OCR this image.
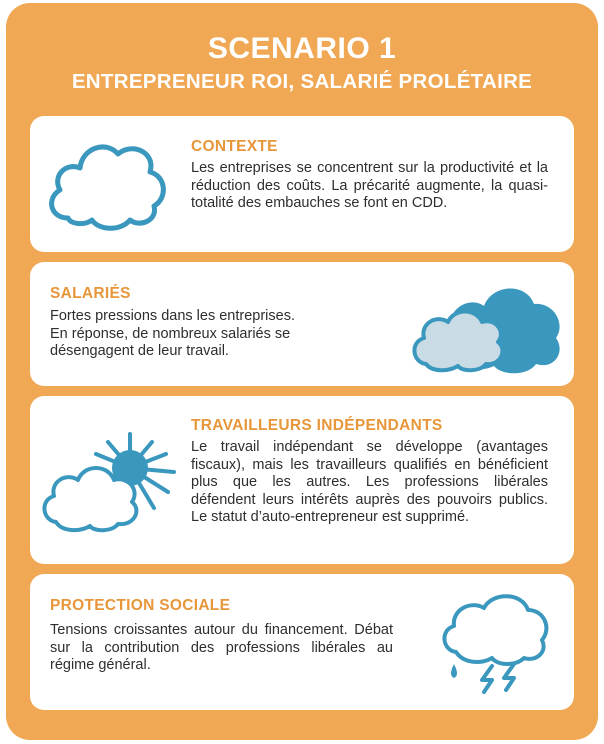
SCENARIO 1
ENTREPRENEUR ROI, SALARIÉ PROLÉTAIRE
CONTEXTE

Les entreprises se concentrent sur la productivité et la réduction des coûts. La précarité augmente, la quasi-totalité des embauches se font en CDD.

SALARIÉS
Fortes pressions dans les entreprises.
En réponse, de nombreux salariés se
désengagent de leur travail.
TRAVAILLEURS INDÉPENDANTS

Le travail indépendant se développe (avantages fiscaux), mais les travailleurs qualifiés en bénéficient plus que les autres. Les professions libérales défendent leurs intérêts auprès des pouvoirs publics. Le statut d’auto-entrepreneur est supprimé.

PROTECTION SOCIALE

Tensions croissantes autour du financement. Débat sur la contribution des professions libérales au régime général.
